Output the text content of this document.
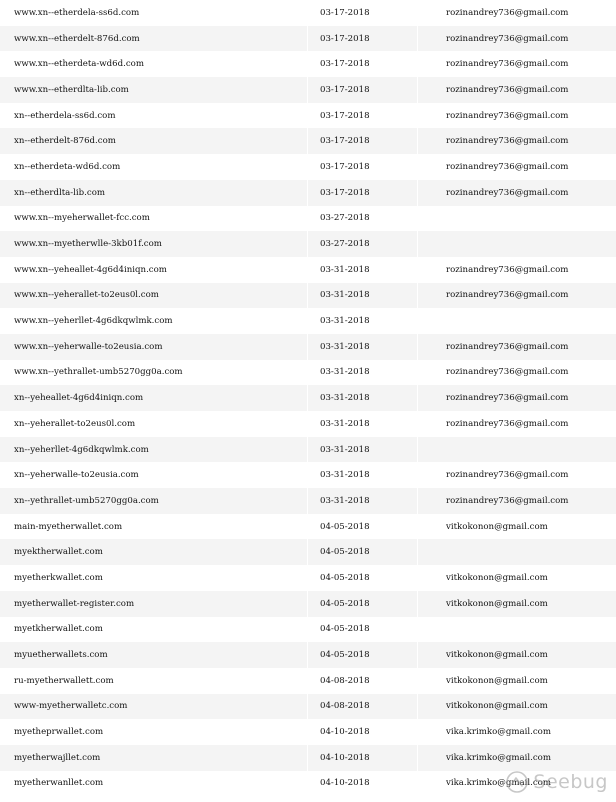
www.xn--etherdela-ss6d.com	03-17-2018	rozinandrey736@gmail.com
www.xn--etherdelt-876d.com	03-17-2018	rozinandrey736@gmail.com
www.xn--etherdeta-wd6d.com	03-17-2018	rozinandrey736@gmail.com
www.xn--etherdlta-lib.com	03-17-2018	rozinandrey736@gmail.com
xn--etherdela-ss6d.com	03-17-2018	rozinandrey736@gmail.com
xn--etherdelt-876d.com	03-17-2018	rozinandrey736@gmail.com
xn--etherdeta-wd6d.com	03-17-2018	rozinandrey736@gmail.com
xn--etherdlta-lib.com	03-17-2018	rozinandrey736@gmail.com
www.xn--myeherwallet-fcc.com	03-27-2018
www.xn--myetherwlle-3kb01f.com	03-27-2018
www.xn--yeheallet-4g6d4iniqn.com	03-31-2018	rozinandrey736@gmail.com
www.xn--yeherallet-to2eus0l.com	03-31-2018	rozinandrey736@gmail.com
www.xn--yeherllet-4g6dkqwlmk.com	03-31-2018
www.xn--yeherwalle-to2eusia.com	03-31-2018	rozinandrey736@gmail.com
www.xn--yethrallet-umb5270gg0a.com	03-31-2018	rozinandrey736@gmail.com
xn--yeheallet-4g6d4iniqn.com	03-31-2018	rozinandrey736@gmail.com
xn--yeherallet-to2eus0l.com	03-31-2018	rozinandrey736@gmail.com
xn--yeherllet-4g6dkqwlmk.com	03-31-2018
xn--yeherwalle-to2eusia.com	03-31-2018	rozinandrey736@gmail.com
xn--yethrallet-umb5270gg0a.com	03-31-2018	rozinandrey736@gmail.com
main-myetherwallet.com	04-05-2018	vitkokonon@gmail.com
myektherwallet.com	04-05-2018
myetherkwallet.com	04-05-2018	vitkokonon@gmail.com
myetherwallet-register.com	04-05-2018	vitkokonon@gmail.com
myetkherwallet.com	04-05-2018
myuetherwallets.com	04-05-2018	vitkokonon@gmail.com
ru-myetherwallett.com	04-08-2018	vitkokonon@gmail.com
www-myetherwalletc.com	04-08-2018	vitkokonon@gmail.com
myetheprwallet.com	04-10-2018	vika.krimko@gmail.com
myetherwajllet.com	04-10-2018	vika.krimko@gmail.com
myetherwanllet.com	04-10-2018	vika.krimko@gmail.com
Seebug
